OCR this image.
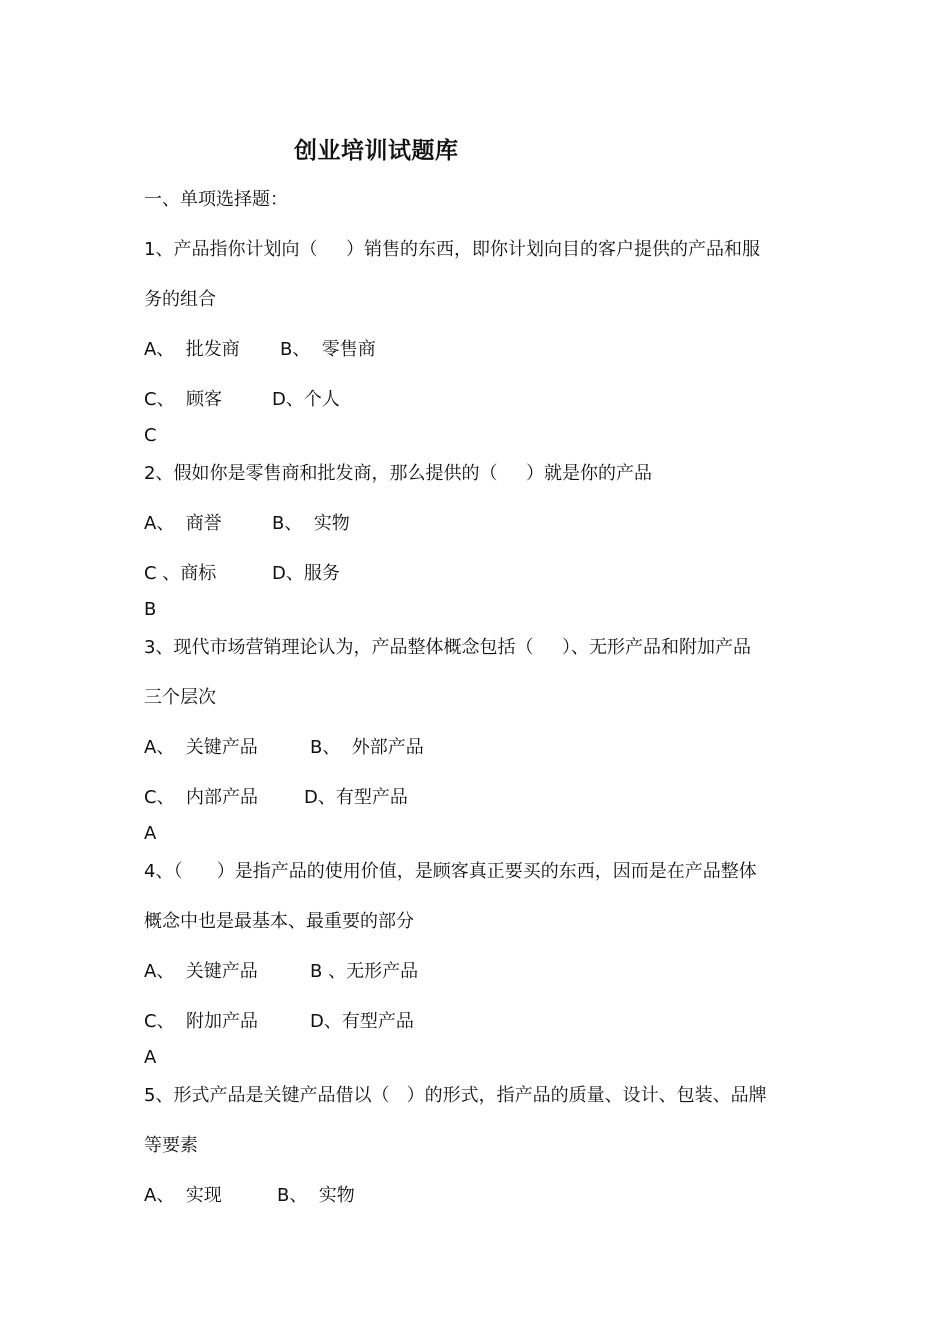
创业培训试题库
一、单项选择题：
1、产品指你计划向（     ）销售的东西，即你计划向目的客户提供的产品和服
务的组合
A、  批发商 B、  零售商
C、  顾客	D、个人
C
2、假如你是零售商和批发商，那么提供的（     ）就是你的产品
A、  商誉	B、  实物
C 、商标	D、服务
B
3、现代市场营销理论认为，产品整体概念包括（     ）、无形产品和附加产品
三个层次
A、  关键产品	B、  外部产品
C、  内部产品	D、有型产品
A
4、（      ）是指产品的使用价值，是顾客真正要买的东西，因而是在产品整体
概念中也是最基本、最重要的部分
A、  关键产品	B 、无形产品
C、  附加产品	D、有型产品
A
5、形式产品是关键产品借以（   ）的形式，指产品的质量、设计、包装、品牌
等要素
A、  实现	B、  实物
